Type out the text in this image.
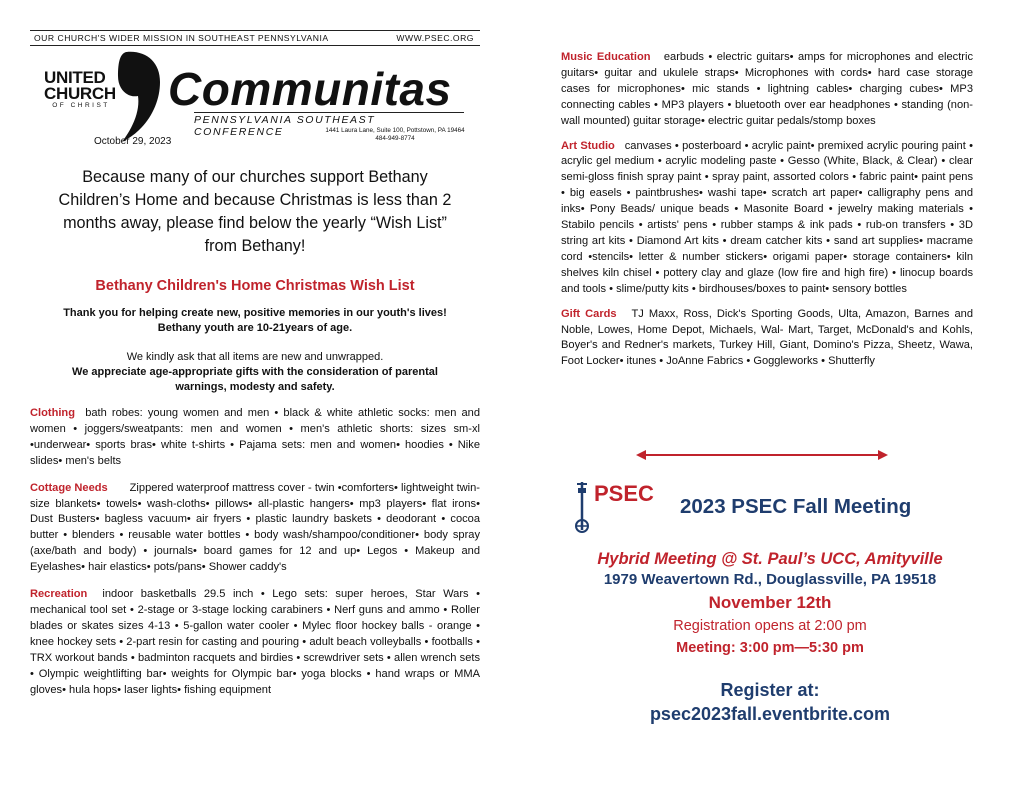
OUR CHURCH'S WIDER MISSION IN SOUTHEAST PENNSYLVANIA	WWW.PSEC.ORG
UNITED
CHURCH
OF CHRIST Communitas
PENNSYLVANIA SOUTHEAST CONFERENCE	1441 Laura Lane, Suite 100, Pottstown, PA 19464
484-949-8774
October 29, 2023
Because many of our churches support Bethany Children’s Home and because Christmas is less than 2 months away, please find below the yearly “Wish List” from Bethany!
Bethany Children's Home Christmas Wish List
Thank you for helping create new, positive memories in our youth's lives!
Bethany youth are 10-21years of age.
We kindly ask that all items are new and unwrapped.
We appreciate age-appropriate gifts with the consideration of parental warnings, modesty and safety.
Clothing bath robes: young women and men • black & white athletic socks: men and women • joggers/sweatpants: men and women • men's athletic shorts: sizes sm-xl •underwear• sports bras• white t-shirts • Pajama sets: men and women• hoodies • Nike slides• men's belts
Cottage Needs Zippered waterproof mattress cover - twin •comforters• lightweight twin-size blankets• towels• wash-cloths• pillows• all-plastic hangers• mp3 players• flat irons• Dust Busters• bagless vacuum• air fryers • plastic laundry baskets • deodorant • cocoa butter • blenders • reusable water bottles • body wash/shampoo/conditioner• body spray (axe/bath and body) • journals• board games for 12 and up• Legos • Makeup and Eyelashes• hair elastics• pots/pans• Shower caddy's
Recreation indoor basketballs 29.5 inch • Lego sets: super heroes, Star Wars • mechanical tool set • 2-stage or 3-stage locking carabiners • Nerf guns and ammo • Roller blades or skates sizes 4-13 • 5-gallon water cooler • Mylec floor hockey balls - orange • knee hockey sets • 2-part resin for casting and pouring • adult beach volleyballs • footballs • TRX workout bands • badminton racquets and birdies • screwdriver sets • allen wrench sets • Olympic weightlifting bar• weights for Olympic bar• yoga blocks • hand wraps or MMA gloves• hula hops• laser lights• fishing equipment
Music Education earbuds • electric guitars• amps for microphones and electric guitars• guitar and ukulele straps• Microphones with cords• hard case storage cases for microphones• mic stands • lightning cables• charging cubes• MP3 connecting cables • MP3 players • bluetooth over ear headphones • standing (non-wall mounted) guitar storage• electric guitar pedals/stomp boxes
Art Studio canvases • posterboard • acrylic paint• premixed acrylic pouring paint • acrylic gel medium • acrylic modeling paste • Gesso (White, Black, & Clear) • clear semi-gloss finish spray paint • spray paint, assorted colors • fabric paint• paint pens • big easels • paintbrushes• washi tape• scratch art paper• calligraphy pens and inks• Pony Beads/ unique beads • Masonite Board • jewelry making materials • Stabilo pencils • artists' pens • rubber stamps & ink pads • rub-on transfers • 3D string art kits • Diamond Art kits • dream catcher kits • sand art supplies• macrame cord •stencils• letter & number stickers• origami paper• storage containers• kiln shelves kiln chisel • pottery clay and glaze (low fire and high fire) • linocup boards and tools • slime/putty kits • birdhouses/boxes to paint• sensory bottles
Gift Cards TJ Maxx, Ross, Dick's Sporting Goods, Ulta, Amazon, Barnes and Noble, Lowes, Home Depot, Michaels, Wal- Mart, Target, McDonald's and Kohls, Boyer's and Redner's markets, Turkey Hill, Giant, Domino's Pizza, Sheetz, Wawa, Foot Locker• itunes • JoAnne Fabrics • Goggleworks • Shutterfly
PSEC
2023 PSEC Fall Meeting
Hybrid Meeting @ St. Paul’s UCC, Amityville
1979 Weavertown Rd., Douglassville, PA 19518
November 12th
Registration opens at 2:00 pm
Meeting: 3:00 pm—5:30 pm
Register at:
psec2023fall.eventbrite.com
